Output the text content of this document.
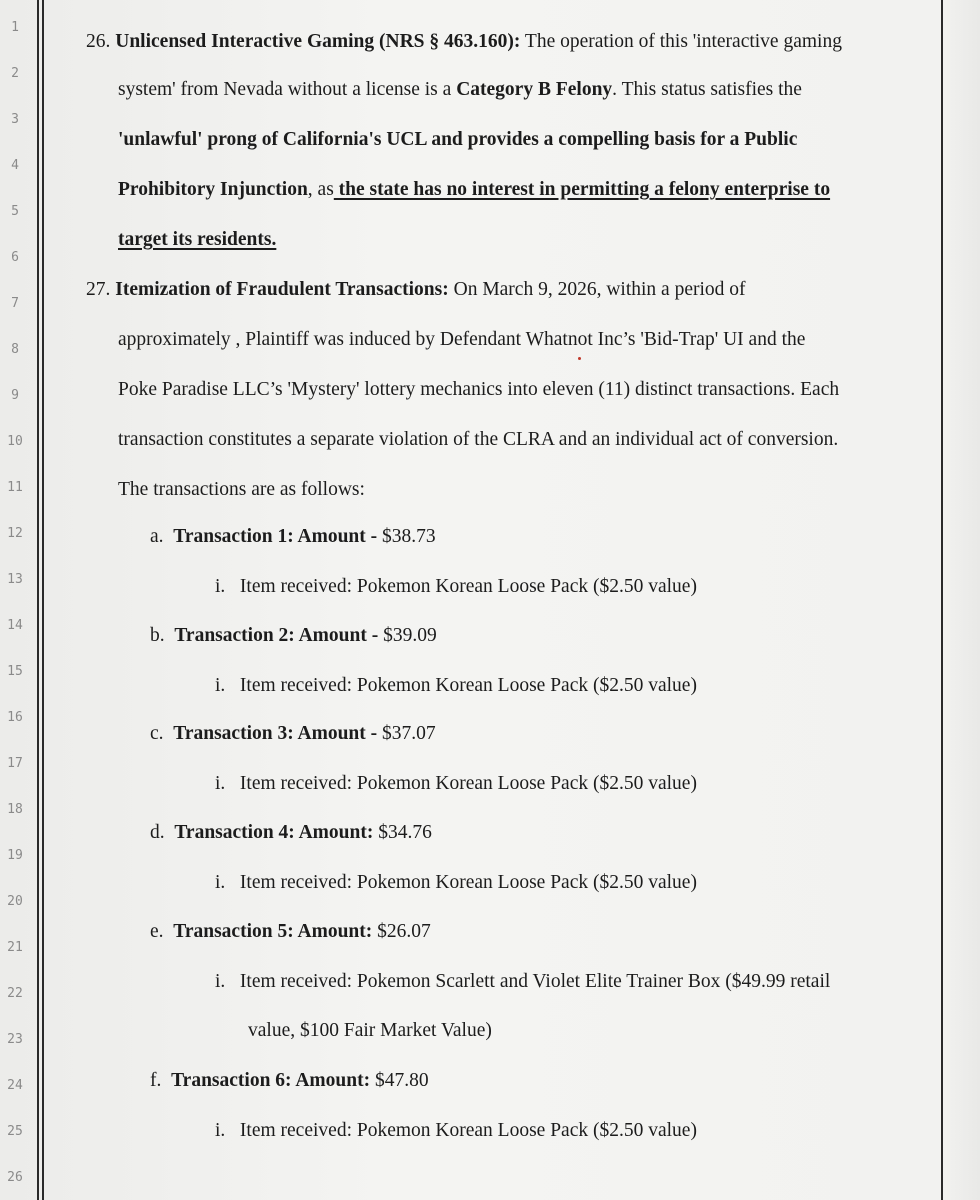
1
2
3
4
5
6
7
8
9
10
11
12
13
14
15
16
17
18
19
20
21
22
23
24
25
26
26. Unlicensed Interactive Gaming (NRS § 463.160): The operation of this 'interactive gaming
system' from Nevada without a license is a Category B Felony. This status satisfies the
'unlawful' prong of California's UCL and provides a compelling basis for a Public
Prohibitory Injunction, as the state has no interest in permitting a felony enterprise to
target its residents.
27. Itemization of Fraudulent Transactions: On March 9, 2026, within a period of
approximately , Plaintiff was induced by Defendant Whatnot Inc’s 'Bid-Trap' UI and the
Poke Paradise LLC’s 'Mystery' lottery mechanics into eleven (11) distinct transactions. Each
transaction constitutes a separate violation of the CLRA and an individual act of conversion.
The transactions are as follows:
a. Transaction 1: Amount - $38.73
i. Item received: Pokemon Korean Loose Pack ($2.50 value)
b. Transaction 2: Amount - $39.09
i. Item received: Pokemon Korean Loose Pack ($2.50 value)
c. Transaction 3: Amount - $37.07
i. Item received: Pokemon Korean Loose Pack ($2.50 value)
d. Transaction 4: Amount: $34.76
i. Item received: Pokemon Korean Loose Pack ($2.50 value)
e. Transaction 5: Amount: $26.07
i. Item received: Pokemon Scarlett and Violet Elite Trainer Box ($49.99 retail
value, $100 Fair Market Value)
f. Transaction 6: Amount: $47.80
i. Item received: Pokemon Korean Loose Pack ($2.50 value)
